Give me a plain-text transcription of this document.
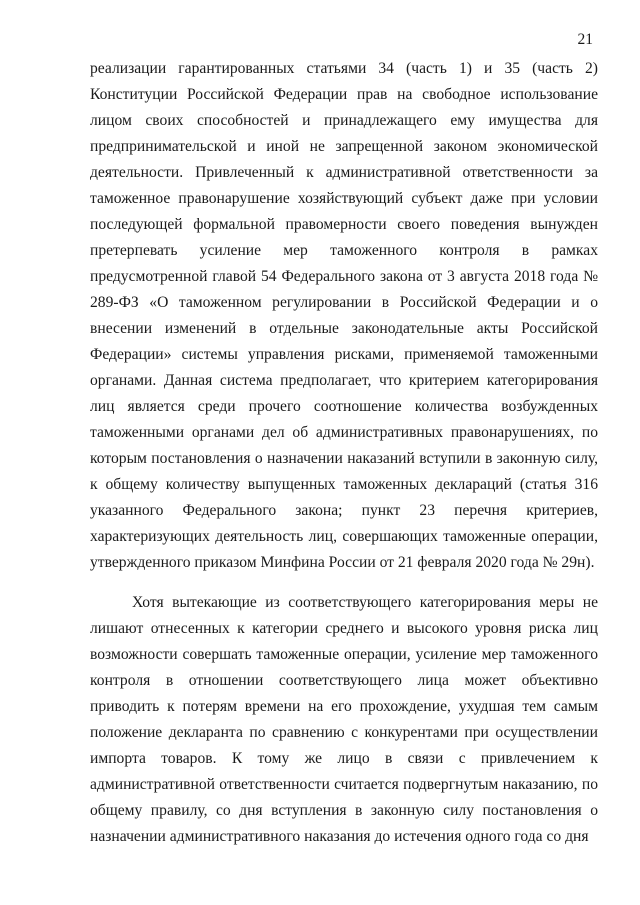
21

реализации гарантированных статьями 34 (часть 1) и 35 (часть 2) Конституции Российской Федерации прав на свободное использование лицом своих способностей и принадлежащего ему имущества для предпринимательской и иной не запрещенной законом экономической деятельности. Привлеченный к административной ответственности за таможенное правонарушение хозяйствующий субъект даже при условии последующей формальной правомерности своего поведения вынужден претерпевать усиление мер таможенного контроля в рамках предусмотренной главой 54 Федерального закона от 3 августа 2018 года № 289-ФЗ «О таможенном регулировании в Российской Федерации и о внесении изменений в отдельные законодательные акты Российской Федерации» системы управления рисками, применяемой таможенными органами. Данная система предполагает, что критерием категорирования лиц является среди прочего соотношение количества возбужденных таможенными органами дел об административных правонарушениях, по которым постановления о назначении наказаний вступили в законную силу, к общему количеству выпущенных таможенных деклараций (статья 316 указанного Федерального закона; пункт 23 перечня критериев, характеризующих деятельность лиц, совершающих таможенные операции, утвержденного приказом Минфина России от 21 февраля 2020 года № 29н).

Хотя вытекающие из соответствующего категорирования меры не лишают отнесенных к категории среднего и высокого уровня риска лиц возможности совершать таможенные операции, усиление мер таможенного контроля в отношении соответствующего лица может объективно приводить к потерям времени на его прохождение, ухудшая тем самым положение декларанта по сравнению с конкурентами при осуществлении импорта товаров. К тому же лицо в связи с привлечением к административной ответственности считается подвергнутым наказанию, по общему правилу, со дня вступления в законную силу постановления о назначении административного наказания до истечения одного года со дня
